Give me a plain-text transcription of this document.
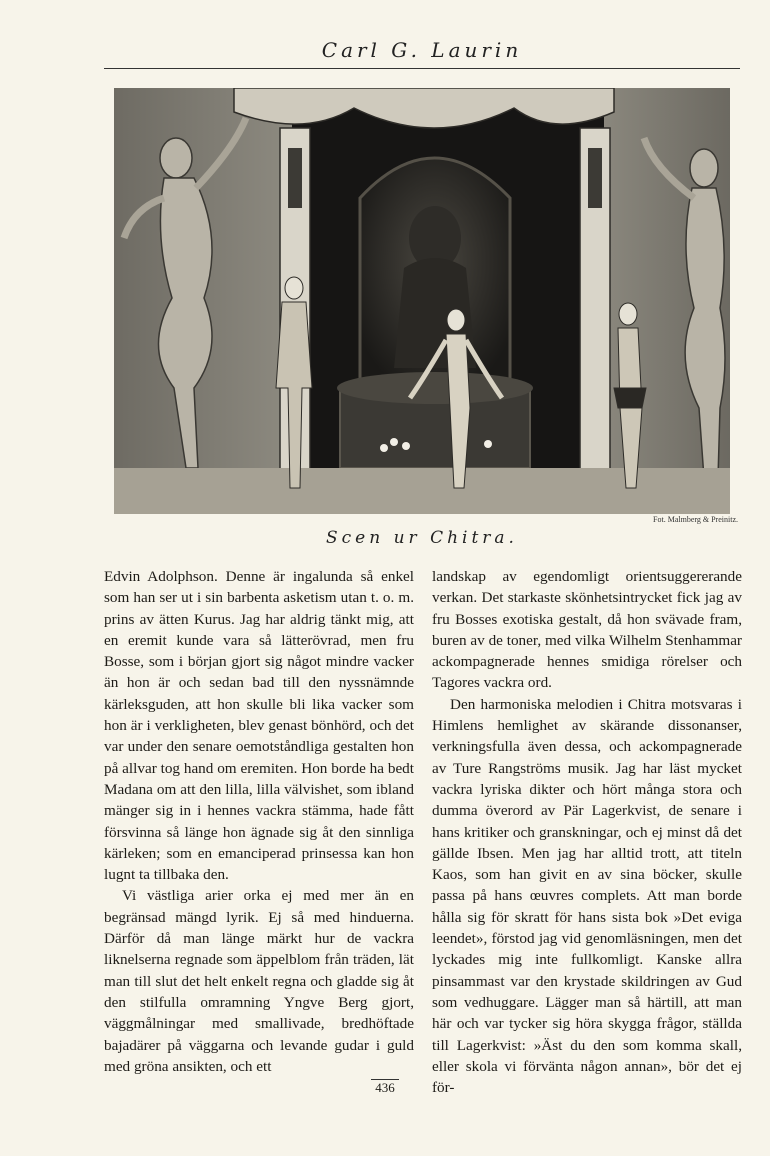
Carl G. Laurin
Fot. Malmberg & Preinitz.
Scen ur Chitra.

Edvin Adolphson. Denne är ingalunda så enkel som han ser ut i sin barbenta asketism utan t. o. m. prins av ätten Kurus. Jag har aldrig tänkt mig, att en eremit kunde vara så lätterövrad, men fru Bosse, som i början gjort sig något mindre vacker än hon är och sedan bad till den nyssnämnde kärleksguden, att hon skulle bli lika vacker som hon är i verkligheten, blev genast bönhörd, och det var under den senare oemotståndliga gestalten hon på allvar tog hand om eremiten. Hon borde ha bedt Madana om att den lilla, lilla välvishet, som ibland mänger sig in i hennes vackra stämma, hade fått försvinna så länge hon ägnade sig åt den sinnliga kärleken; som en emanciperad prinsessa kan hon lugnt ta tillbaka den.

Vi västliga arier orka ej med mer än en begränsad mängd lyrik. Ej så med hinduerna. Därför då man länge märkt hur de vackra liknelserna regnade som äppelblom från träden, lät man till slut det helt enkelt regna och gladde sig åt den stilfulla omramning Yngve Berg gjort, väggmålningar med smallivade, bredhöftade bajadärer på väggarna och levande gudar i guld med gröna ansikten, och ett

landskap av egendomligt orientsuggererande verkan. Det starkaste skönhetsintrycket fick jag av fru Bosses exotiska gestalt, då hon svävade fram, buren av de toner, med vilka Wilhelm Stenhammar ackompagnerade hennes smidiga rörelser och Tagores vackra ord.

Den harmoniska melodien i Chitra motsvaras i Himlens hemlighet av skärande dissonanser, verkningsfulla även dessa, och ackompagnerade av Ture Rangströms musik. Jag har läst mycket vackra lyriska dikter och hört många stora och dumma överord av Pär Lagerkvist, de senare i hans kritiker och granskningar, och ej minst då det gällde Ibsen. Men jag har alltid trott, att titeln Kaos, som han givit en av sina böcker, skulle passa på hans œuvres complets. Att man borde hålla sig för skratt för hans sista bok »Det eviga leendet», förstod jag vid genomläsningen, men det lyckades mig inte fullkomligt. Kanske allra pinsammast var den krystade skildringen av Gud som vedhuggare. Lägger man så härtill, att man här och var tycker sig höra skygga frågor, ställda till Lagerkvist: »Äst du den som komma skall, eller skola vi förvänta någon annan», bör det ej för-

436
